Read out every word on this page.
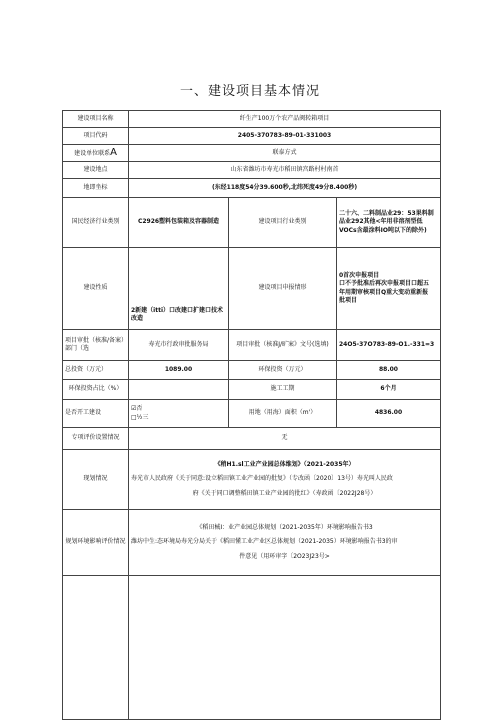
一、建设项目基本情况
建设项目名称	纤生产100万个农产品阀转箱项目		
项目代码	2405-370783-89-01-331003		
建设单位联系A	联泰方式		
建设地点	山东省潍坊市寿光市稻田镇宫路村村南首		
地即坐标	(东经118度54分39.600秒,北纬死度49分8.400秒)		
国民经济行业类别	C2926塑料包装箱及容器制造	建设项目行业类别	二十六、二料制品业29：53果料制
品业292其他<年用非溶剂型低
VOCs含最涂料IO吨以下的除外)

建设性质	2新建（itti）口改建口扩建口技术
改造	建设项目申报情形	0首次申报项目
口不予批准后再次申报项目口超五
年用期审核项目Q重大变动重新报
批项目

项目审批（核准/备案）部门（选	寿光市行政审批服务局	项目审批（核准J/旷案》文号(选填)	24O5-37O783-89-O1.-331=3
总投资（万元）	1089.00	环保投资（万元）	88.00
环保投资占比（%）		施工工期	6个月
是否开工建设	☑否
□½三	用地（用海）面积（m'）	4836.00
专项评价设置情况	无		
现划情况	《稍H1.sl工业产业园总体维划》（2021-2035年）
寿光市人民政府《关于同意:设立稻田镇工业产业园的批复》（专改函〔2020〕13号）寿光叫人民政
府《关于同口调整稻田镇工业产业园的批红》（寿政函〔2022J28号）		

规划环境影响评价情况	《稻田械I：业产业园总体规划（2021-2035年）环境影响报告书3
潍坊中生:态环境局寿光分局关于《稻田懂工业产业区总体规划（2021-2035）环境影响报告书3的审
件意见（用环审字〔2O23J23号>		
